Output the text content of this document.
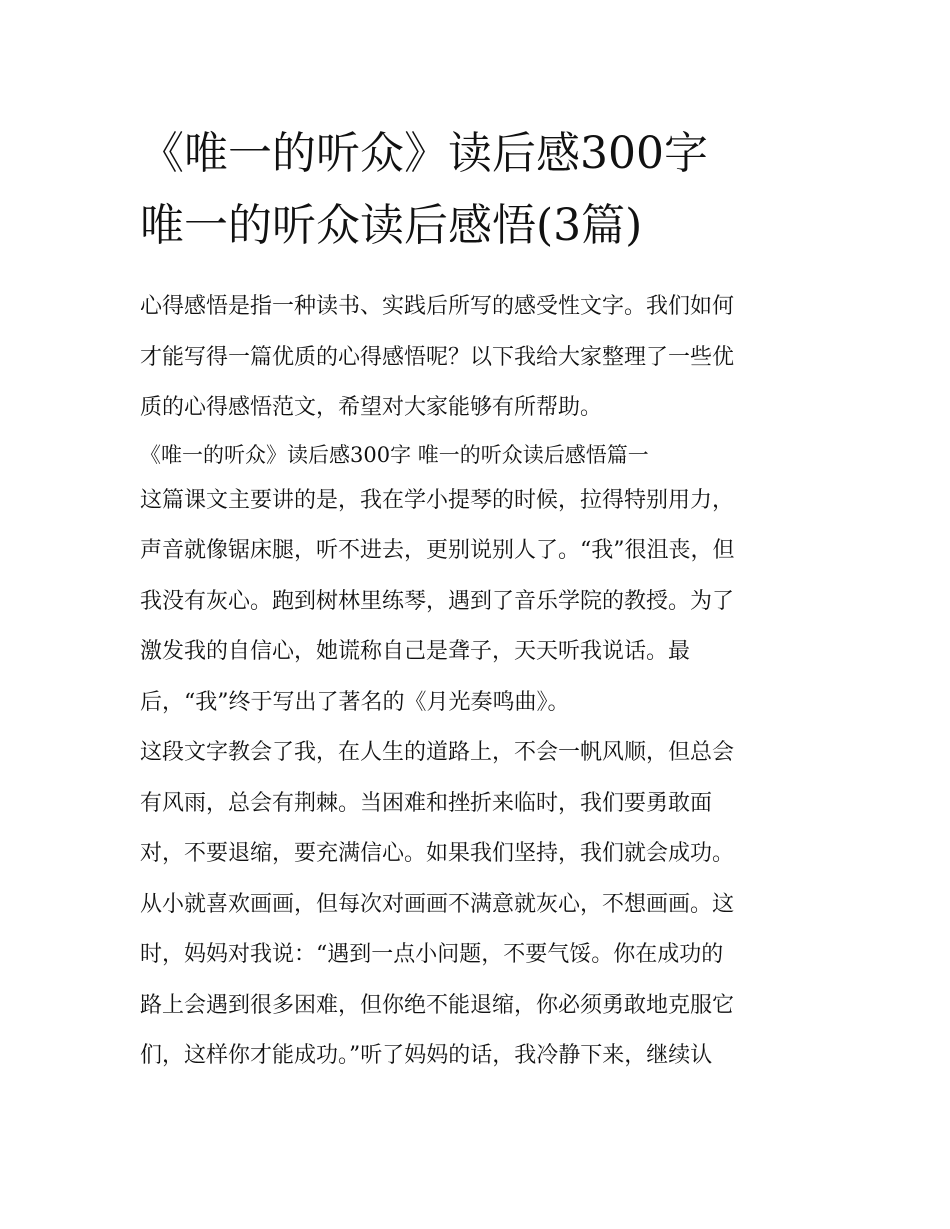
《唯一的听众》读后感300字
唯一的听众读后感悟(3篇)

心得感悟是指一种读书、实践后所写的感受性文字。我们如何
才能写得一篇优质的心得感悟呢？以下我给大家整理了一些优
质的心得感悟范文，希望对大家能够有所帮助。

《唯一的听众》读后感300字 唯一的听众读后感悟篇一

这篇课文主要讲的是，我在学小提琴的时候，拉得特别用力，
声音就像锯床腿，听不进去，更别说别人了。“我”很沮丧，但
我没有灰心。跑到树林里练琴，遇到了音乐学院的教授。为了
激发我的自信心，她谎称自己是聋子，天天听我说话。最
后，“我”终于写出了著名的《月光奏鸣曲》。

这段文字教会了我，在人生的道路上，不会一帆风顺，但总会
有风雨，总会有荆棘。当困难和挫折来临时，我们要勇敢面
对，不要退缩，要充满信心。如果我们坚持，我们就会成功。
从小就喜欢画画，但每次对画画不满意就灰心，不想画画。这
时，妈妈对我说：“遇到一点小问题，不要气馁。你在成功的
路上会遇到很多困难，但你绝不能退缩，你必须勇敢地克服它
们，这样你才能成功。”听了妈妈的话，我冷静下来，继续认
